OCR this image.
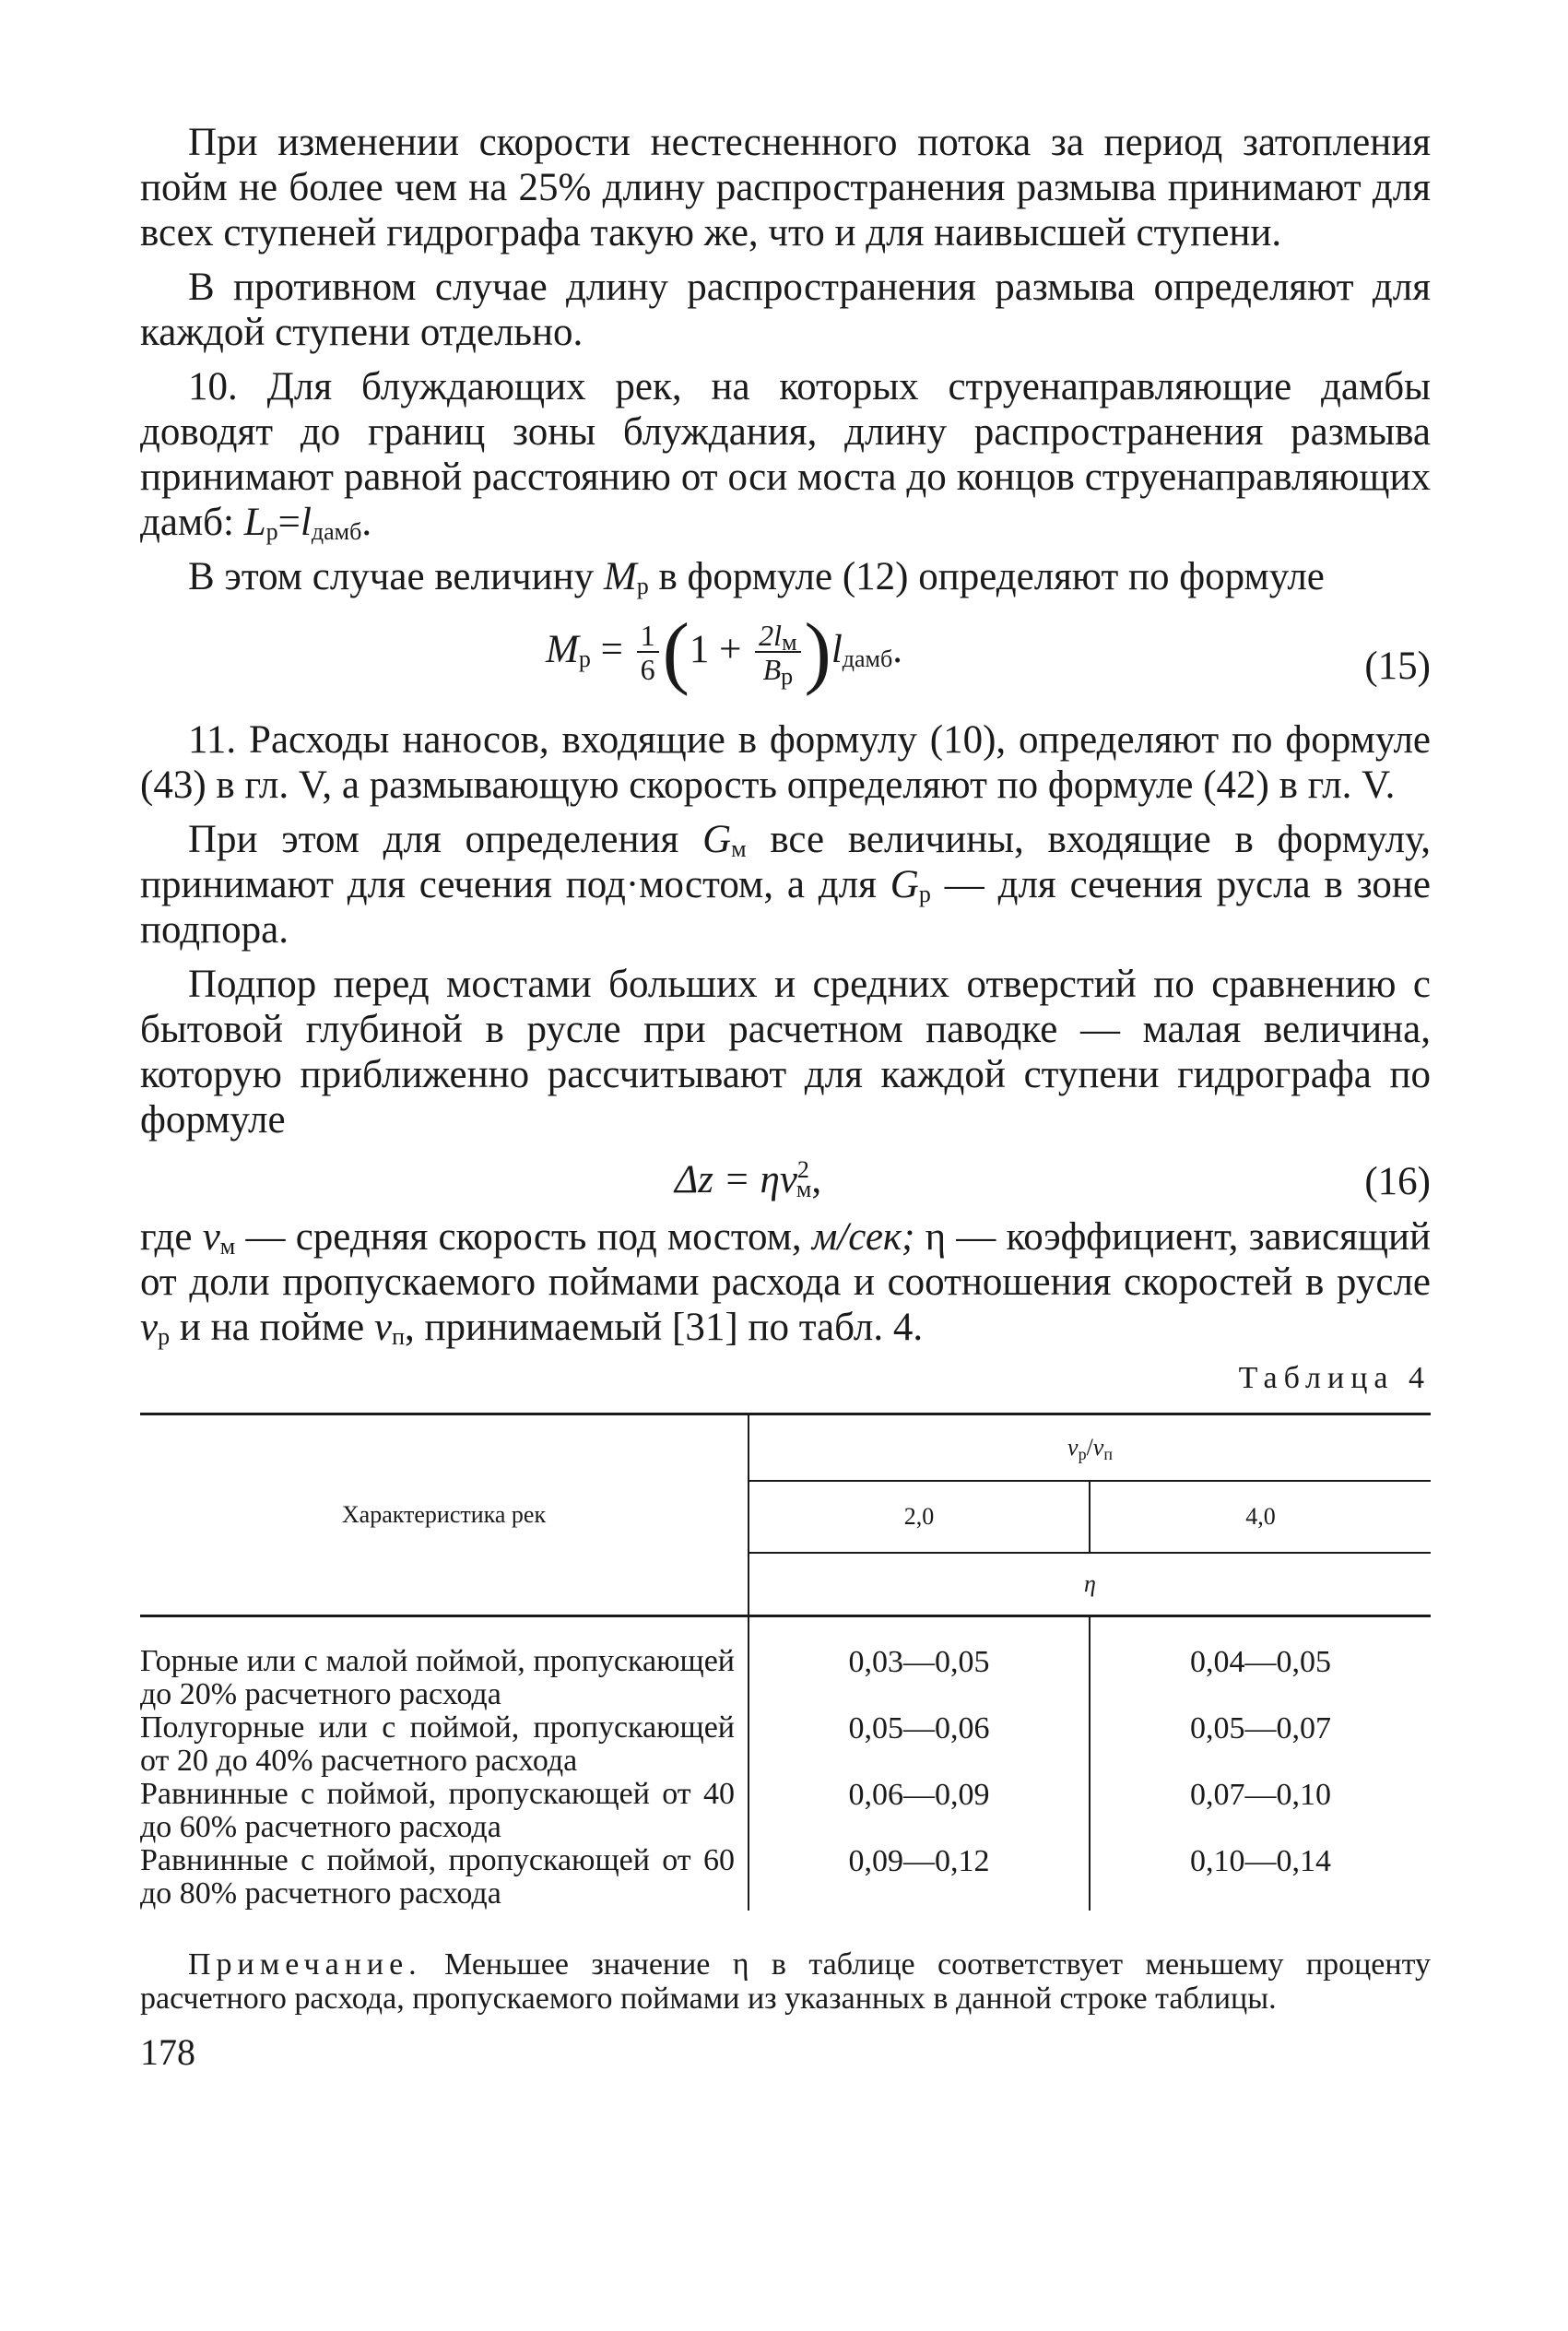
При изменении скорости нестесненного потока за период затопления пойм не более чем на 25% длину распространения размыва принимают для всех ступеней гидрографа такую же, что и для наивысшей ступени.

В противном случае длину распространения размыва определяют для каждой ступени отдельно.

10. Для блуждающих рек, на которых струенаправляющие дамбы доводят до границ зоны блуждания, длину распространения размыва принимают равной расстоянию от оси моста до концов струенаправляющих дамб: $L_р=l_{дамб}$.

В этом случае величину $M_р$ в формуле (12) определяют по формуле

$M_р = \frac{1}{6} (1 + \frac{2l_м}{B_р} )l_{дамб}$.	(15)

11. Расходы наносов, входящие в формулу (10), определяют по формуле (43) в гл. V, а размывающую скорость определяют по формуле (42) в гл. V.

При этом для определения $G_м$ все величины, входящие в формулу, принимают для сечения под·мостом, а для $G_р$ — для сечения русла в зоне подпора.

Подпор перед мостами больших и средних отверстий по сравнению с бытовой глубиной в русле при расчетном паводке — малая величина, которую приближенно рассчитывают для каждой ступени гидрографа по формуле

$\Delta z = \eta v^2_м$,	(16)

где $v_м$ — средняя скорость под мостом, м/сек; η — коэффициент, зависящий от доли пропускаемого поймами расхода и соотношения скоростей в русле $v_р$ и на пойме $v_п$, принимаемый [31] по табл. 4.

Таблица 4
Характеристика рек	$v_р/v_п$
	2,0	4,0
	η	
Горные или с малой поймой, пропускающей до 20% расчетного расхода	0,03—0,05	0,04—0,05
Полугорные или с поймой, пропускающей от 20 до 40% расчетного расхода	0,05—0,06	0,05—0,07
Равнинные с поймой, пропускающей от 40 до 60% расчетного расхода	0,06—0,09	0,07—0,10
Равнинные с поймой, пропускающей от 60 до 80% расчетного расхода	0,09—0,12	0,10—0,14

Примечание. Меньшее значение η в таблице соответствует меньшему проценту расчетного расхода, пропускаемого поймами из указанных в данной строке таблицы.

178
